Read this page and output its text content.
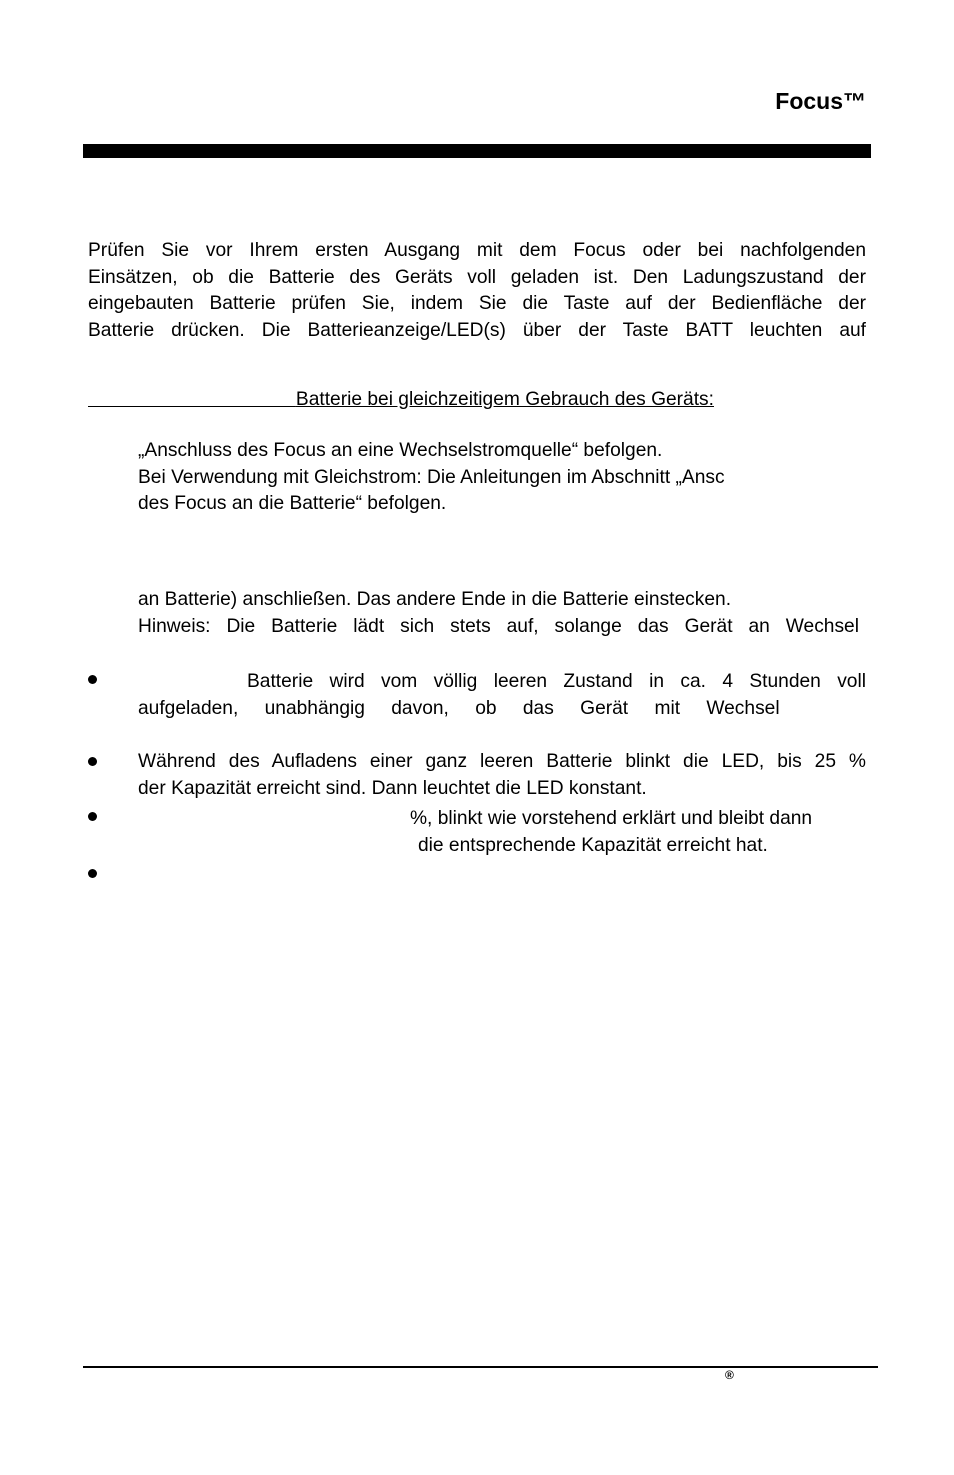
Focus™
Prüfen Sie vor Ihrem ersten Ausgang mit dem Focus oder bei nachfolgenden
Einsätzen, ob die Batterie des Geräts voll geladen ist. Den Ladungszustand der
eingebauten Batterie prüfen Sie, indem Sie die Taste auf der Bedienfläche der
Batterie drücken. Die Batterieanzeige/LED(s) über der Taste BATT leuchten auf
Batterie bei gleichzeitigem Gebrauch des Geräts:
„Anschluss des Focus an eine Wechselstromquelle“ befolgen.
Bei Verwendung mit Gleichstrom: Die Anleitungen im Abschnitt „Ansc
des Focus an die Batterie“ befolgen.
an Batterie) anschließen. Das andere Ende in die Batterie einstecken.
Hinweis: Die Batterie lädt sich stets auf, solange das Gerät an Wechsel
Batterie wird vom völlig leeren Zustand in ca. 4 Stunden voll
aufgeladen, unabhängig davon, ob das Gerät mit Wechsel
Während des Aufladens einer ganz leeren Batterie blinkt die LED, bis 25 %
der Kapazität erreicht sind. Dann leuchtet die LED konstant.
%, blinkt wie vorstehend erklärt und bleibt dann
die entsprechende Kapazität erreicht hat.
®
